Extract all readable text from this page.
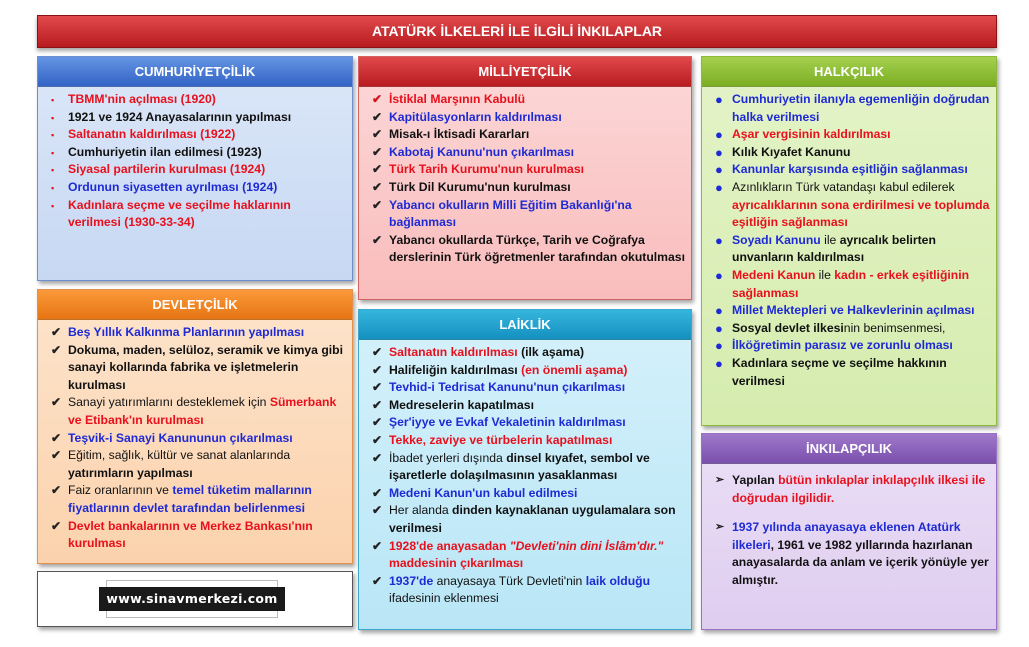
ATATÜRK İLKELERİ İLE İLGİLİ İNKILAPLAR
CUMHURİYETÇİLİK
▪ TBMM'nin açılması (1920)
▪ 1921 ve 1924 Anayasalarının yapılması
▪ Saltanatın kaldırılması (1922)
▪ Cumhuriyetin ilan edilmesi (1923)
▪ Siyasal partilerin kurulması (1924)
▪ Ordunun siyasetten ayrılması (1924)
▪ Kadınlara seçme ve seçilme haklarının verilmesi (1930-33-34)
DEVLETÇİLİK
✔ Beş Yıllık Kalkınma Planlarının yapılması
✔ Dokuma, maden, selüloz, seramik ve kimya gibi sanayi kollarında fabrika ve işletmelerin kurulması
✔ Sanayi yatırımlarını desteklemek için Sümerbank ve Etibank'ın kurulması
✔ Teşvik-i Sanayi Kanununun çıkarılması
✔ Eğitim, sağlık, kültür ve sanat alanlarında yatırımların yapılması
✔ Faiz oranlarının ve temel tüketim mallarının fiyatlarının devlet tarafından belirlenmesi
✔ Devlet bankalarının ve Merkez Bankası'nın kurulması
www.sinavmerkezi.com
MİLLİYETÇİLİK
✔ İstiklal Marşının Kabulü
✔ Kapitülasyonların kaldırılması
✔ Misak-ı İktisadi Kararları
✔ Kabotaj Kanunu'nun çıkarılması
✔ Türk Tarih Kurumu'nun kurulması
✔ Türk Dil Kurumu'nun kurulması
✔ Yabancı okulların Milli Eğitim Bakanlığı'na bağlanması
✔ Yabancı okullarda Türkçe, Tarih ve Coğrafya derslerinin Türk öğretmenler tarafından okutulması
LAİKLİK
✔ Saltanatın kaldırılması (ilk aşama)
✔ Halifeliğin kaldırılması (en önemli aşama)
✔ Tevhid-i Tedrisat Kanunu'nun çıkarılması
✔ Medreselerin kapatılması
✔ Şer'iyye ve Evkaf Vekaletinin kaldırılması
✔ Tekke, zaviye ve türbelerin kapatılması
✔ İbadet yerleri dışında dinsel kıyafet, sembol ve işaretlerle dolaşılmasının yasaklanması
✔ Medeni Kanun'un kabul edilmesi
✔ Her alanda dinden kaynaklanan uygulamalara son verilmesi
✔ 1928'de anayasadan "Devleti'nin dini İslâm'dır." maddesinin çıkarılması
✔ 1937'de anayasaya Türk Devleti'nin laik olduğu ifadesinin eklenmesi
HALKÇILIK
● Cumhuriyetin ilanıyla egemenliğin doğrudan halka verilmesi
● Aşar vergisinin kaldırılması
● Kılık Kıyafet Kanunu
● Kanunlar karşısında eşitliğin sağlanması
● Azınlıkların Türk vatandaşı kabul edilerek ayrıcalıklarının sona erdirilmesi ve toplumda eşitliğin sağlanması
● Soyadı Kanunu ile ayrıcalık belirten unvanların kaldırılması
● Medeni Kanun ile kadın - erkek eşitliğinin sağlanması
● Millet Mektepleri ve Halkevlerinin açılması
● Sosyal devlet ilkesinin benimsenmesi,
● İlköğretimin parasız ve zorunlu olması
● Kadınlara seçme ve seçilme hakkının verilmesi
İNKILAPÇILIK
➢ Yapılan bütün inkılaplar inkılapçılık ilkesi ile doğrudan ilgilidir.
➢ 1937 yılında anayasaya eklenen Atatürk ilkeleri, 1961 ve 1982 yıllarında hazırlanan anayasalarda da anlam ve içerik yönüyle yer almıştır.
